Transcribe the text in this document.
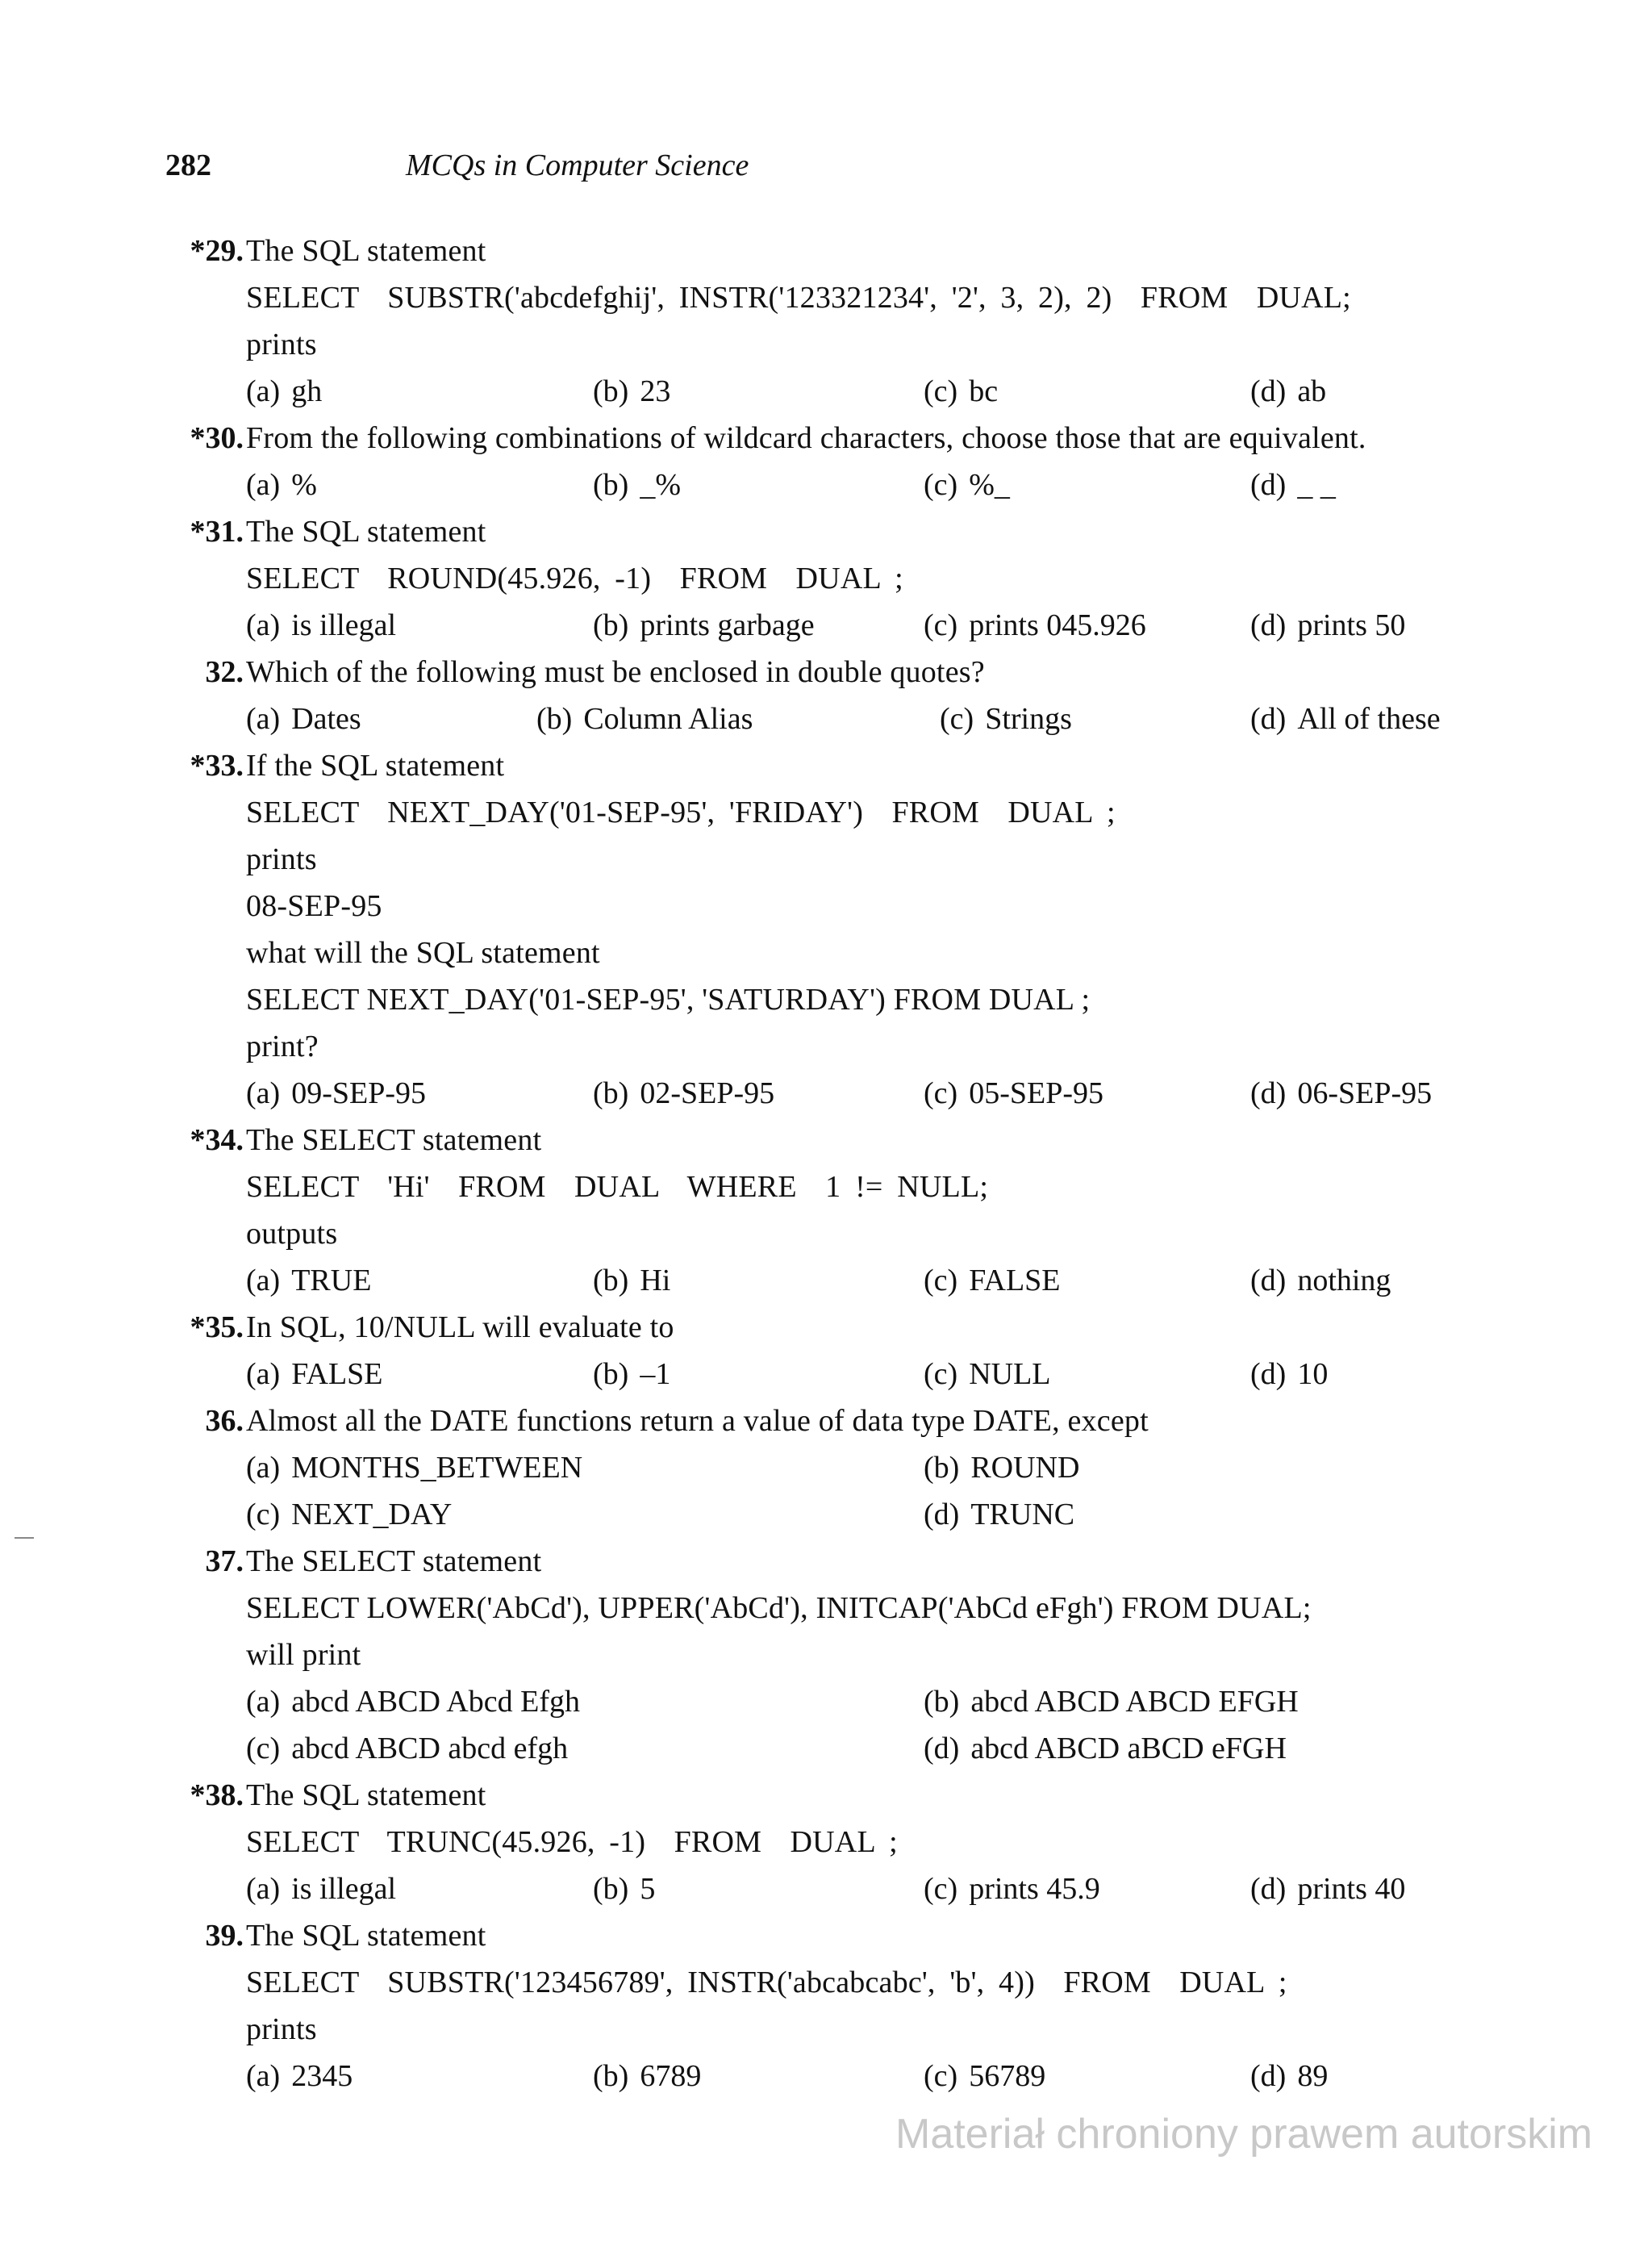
282	MCQs in Computer Science
*29. The SQL statement
SELECT  SUBSTR('abcdefghij', INSTR('123321234', '2', 3, 2), 2)  FROM  DUAL;
prints
(a) gh	(b) 23	(c) bc	(d) ab
*30. From the following combinations of wildcard characters, choose those that are equivalent.
(a) %	(b) _%	(c) %_	(d) _ _
*31. The SQL statement
SELECT  ROUND(45.926, -1)  FROM  DUAL ;
(a) is illegal	(b) prints garbage	(c) prints 045.926	(d) prints 50
32. Which of the following must be enclosed in double quotes?
(a) Dates	(b) Column Alias	(c) Strings	(d) All of these
*33. If the SQL statement
SELECT  NEXT_DAY('01-SEP-95', 'FRIDAY')  FROM  DUAL ;
prints
08-SEP-95
what will the SQL statement
SELECT NEXT_DAY('01-SEP-95', 'SATURDAY') FROM DUAL ;
print?
(a) 09-SEP-95	(b) 02-SEP-95	(c) 05-SEP-95	(d) 06-SEP-95
*34. The SELECT statement
SELECT  'Hi'  FROM  DUAL  WHERE  1 != NULL;
outputs
(a) TRUE	(b) Hi	(c) FALSE	(d) nothing
*35. In SQL, 10/NULL will evaluate to
(a) FALSE	(b) –1	(c) NULL	(d) 10
36. Almost all the DATE functions return a value of data type DATE, except
(a) MONTHS_BETWEEN	(b) ROUND
(c) NEXT_DAY	(d) TRUNC
37. The SELECT statement
SELECT LOWER('AbCd'), UPPER('AbCd'), INITCAP('AbCd eFgh') FROM DUAL;
will print
(a) abcd ABCD Abcd Efgh	(b) abcd ABCD ABCD EFGH
(c) abcd ABCD abcd efgh	(d) abcd ABCD aBCD eFGH
*38. The SQL statement
SELECT  TRUNC(45.926, -1)  FROM  DUAL ;
(a) is illegal	(b) 5	(c) prints 45.9	(d) prints 40
39. The SQL statement
SELECT  SUBSTR('123456789', INSTR('abcabcabc', 'b', 4))  FROM  DUAL ;
prints
(a) 2345	(b) 6789	(c) 56789	(d) 89
Materiał chroniony prawem autorskim
